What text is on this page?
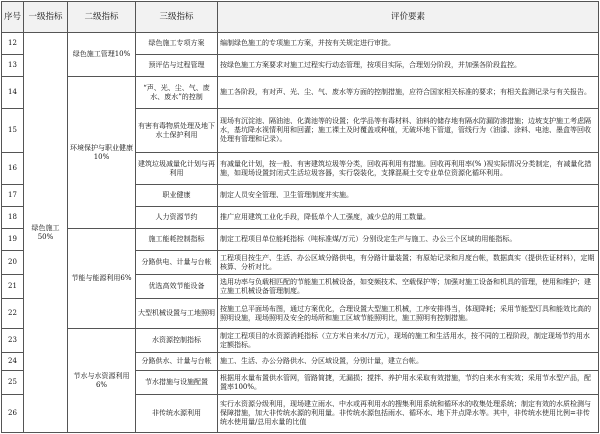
序号	一级指标	二级指标	三级指标	评价要素
12	绿色施工50%	绿色施工管理10%	绿色施工专项方案	编制绿色施工的专项施工方案，并按有关规定进行审批。
13			预评估与过程管理	按绿色施工方案要求对施工过程实行动态管理，按项目实际，合理划分阶段，并加强各阶段监控。
14		环境保护与职业健康10%	“声、光、尘、气、废水、废水”的控制	施工各阶段，有对声、光、尘、气、废水等方面的控制措施，应符合国家相关标准的要求；有相关监测记录与有关报告。
15			有害有毒物质处理及地下水土保护利用	现场有沉淀池、隔油池、化粪池等的设置；化学品等有毒材料、油料的储存地有隔水防漏防渗措施；边坡支护施工考虑隔水，基坑降水视情利用和回灌；施工裸土及时覆盖或种植，无破坏地下管道，管线行为（油漆、涂料、电池、墨盒等回收处理有管理和记录）。
16			建筑垃圾减量化计划与再利用	有减量化计划，按一般、有害建筑垃圾等分类，回收再利用有措施。回收再利用率(% )视实际情况分类制定，有减量化措施，如现场设置封闭式生活垃圾容器，实行袋装化，支撑混凝土交专业单位资源化循环利用。
17			职业健康	制定人员安全管理、卫生管理制度并实施。
18			人力资源节约	推广应用建筑工业化手段，降低单个人工强度，减少总的用工数量。
19		节能与能源利用6%	施工能耗控制指标	制定工程项目单位能耗指标（吨标准煤/万元）分别设定生产与施工、办公三个区域的用能指标。
20			分路供电、计量与台帐	工程项目按生产、生活、办公区域分路供电，有分路计量装置；有原始记录和月度台帐，数据真实（提供佐证材料），定期核算、分析对比。
21			优选高效节能设备	选用功率与负载相匹配的节能施工机械设备，如变频技术、空载保护等；加强对施工设备和机具的管理，使用和维护；建立施工机械设备管理制度。
22			大型机械设置与工地照明	按施工总平面场布图，通过方案优化，合理设置大型施工机械，工序安排得当，体现降耗；采用节能型灯具和能效比高的照明设施，现场照明及安全的场所和施工区域节能照明比，施工照明有控制措施。
23		节水与水资源利用6%	水资源控制指标	制定工程项目的水资源消耗指标（立方米自来水/万元），现场的施工和生活用水，按不同的工程阶段，制定现场节约用水定额指标。
24			分路供水、计量与台帐	施工、生活、办公分路供水、分区域设置，分别计量，建立台帐。
25			节水措施与设施配置	根据用水量布置供水管网，管路简捷，无漏损；搅拌、养护用水采取有效措施，节约自来水有实效；采用节水型产品，配置率100%。
26			非传统水源利用	实行水资源分级利用，现场建立雨水、中水或再利用水的搜集利用系统和循环水的收集处理系统；制定有效的水质检测与保障措施，加大非传统水源的利用量。非传统水源包括雨水、循环水、地下井点降水等。其中，非传统水使用比例=非传统水使用量/总用水量的比值
